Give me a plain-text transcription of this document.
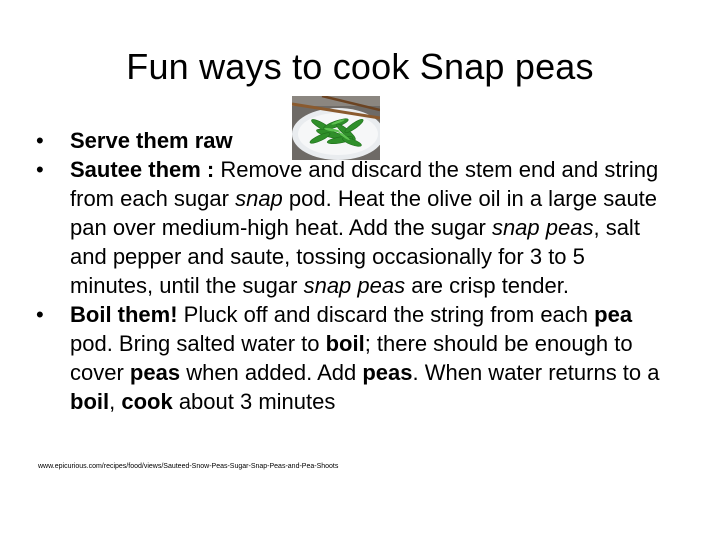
Fun ways to cook Snap peas
• Serve them raw
• Sautee them : Remove and discard the stem end and string from each sugar snap pod. Heat the olive oil in a large saute pan over medium-high heat. Add the sugar snap peas, salt and pepper and saute, tossing occasionally for 3 to 5 minutes, until the sugar snap peas are crisp tender.
• Boil them! Pluck off and discard the string from each pea pod. Bring salted water to boil; there should be enough to cover peas when added. Add peas. When water returns to a boil, cook about 3 minutes
www.epicurious.com/recipes/food/views/Sauteed-Snow-Peas-Sugar-Snap-Peas-and-Pea-Shoots
